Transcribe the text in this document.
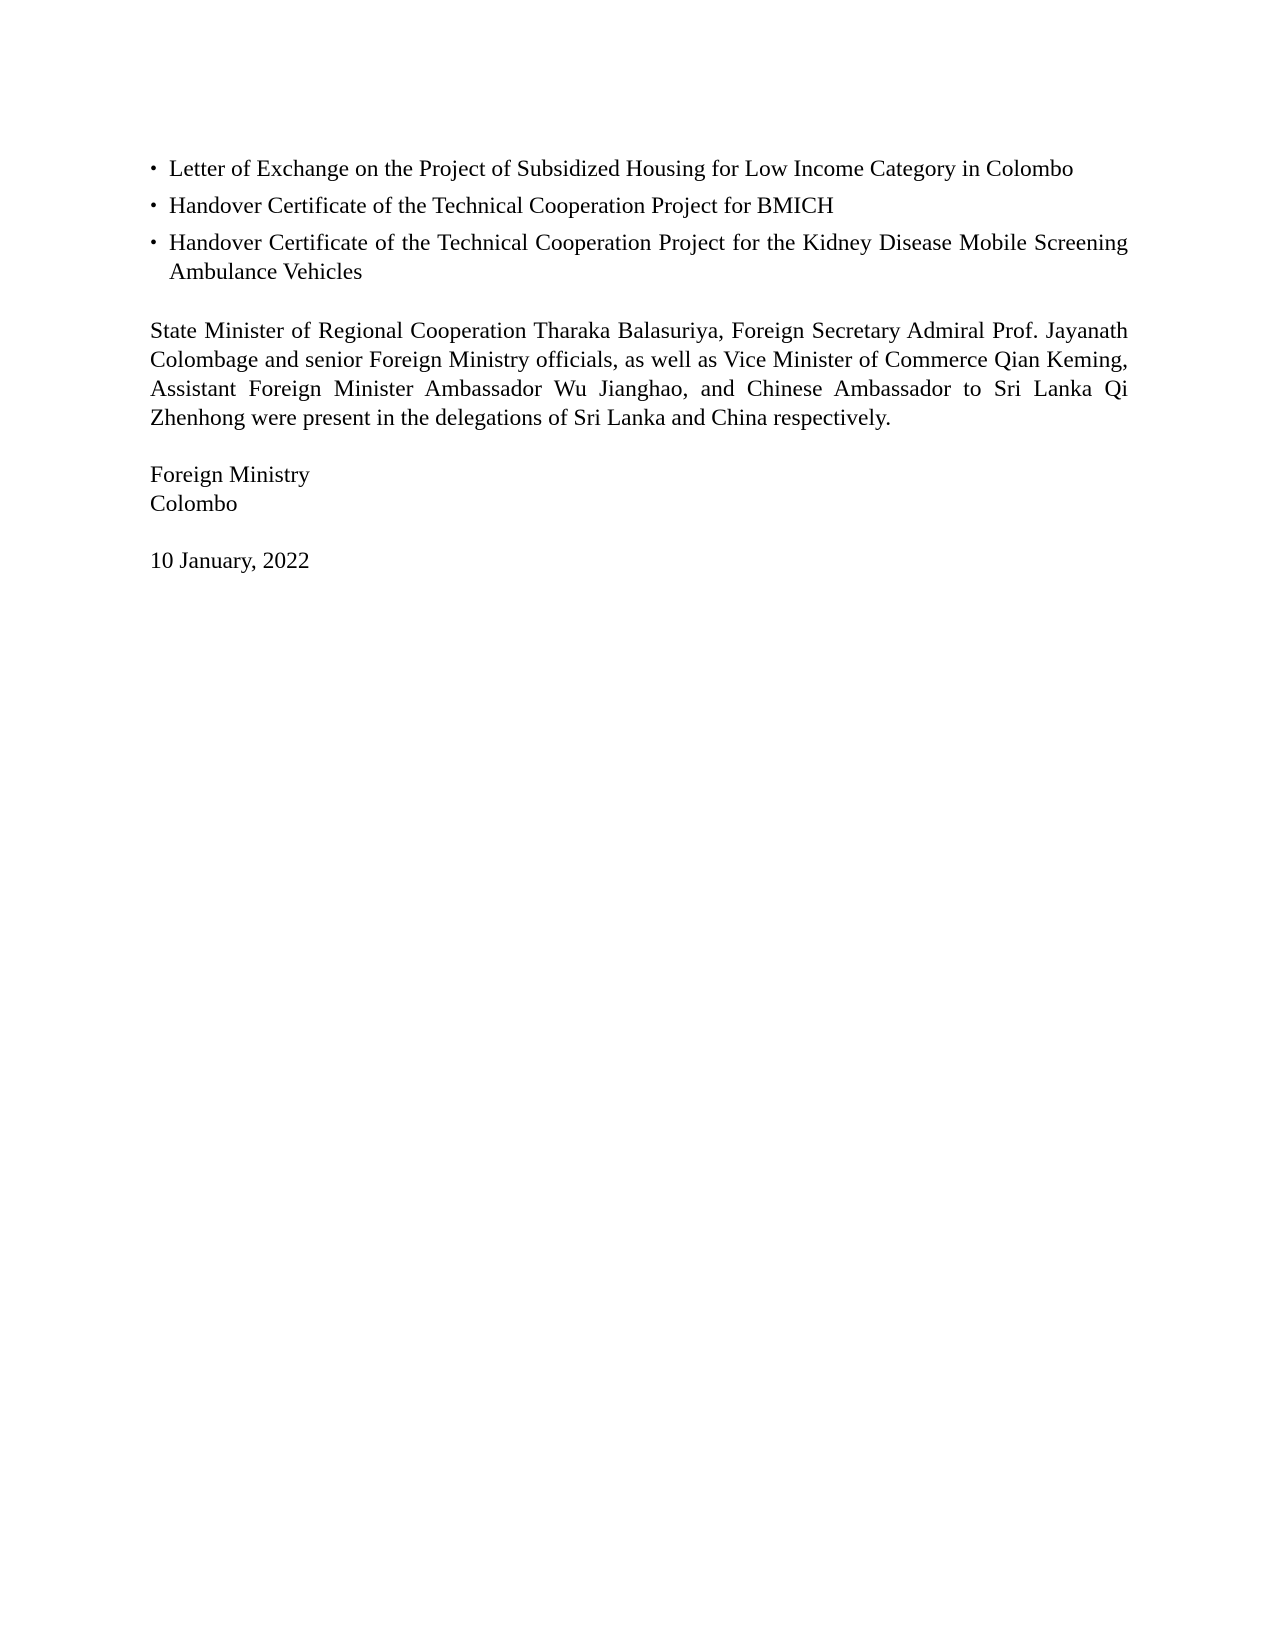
• Letter of Exchange on the Project of Subsidized Housing for Low Income Category in Colombo
• Handover Certificate of the Technical Cooperation Project for BMICH
• Handover Certificate of the Technical Cooperation Project for the Kidney Disease Mobile Screening Ambulance Vehicles

State Minister of Regional Cooperation Tharaka Balasuriya, Foreign Secretary Admiral Prof. Jayanath Colombage and senior Foreign Ministry officials, as well as Vice Minister of Commerce Qian Keming, Assistant Foreign Minister Ambassador Wu Jianghao, and Chinese Ambassador to Sri Lanka Qi Zhenhong were present in the delegations of Sri Lanka and China respectively.

Foreign Ministry
Colombo

10 January, 2022
